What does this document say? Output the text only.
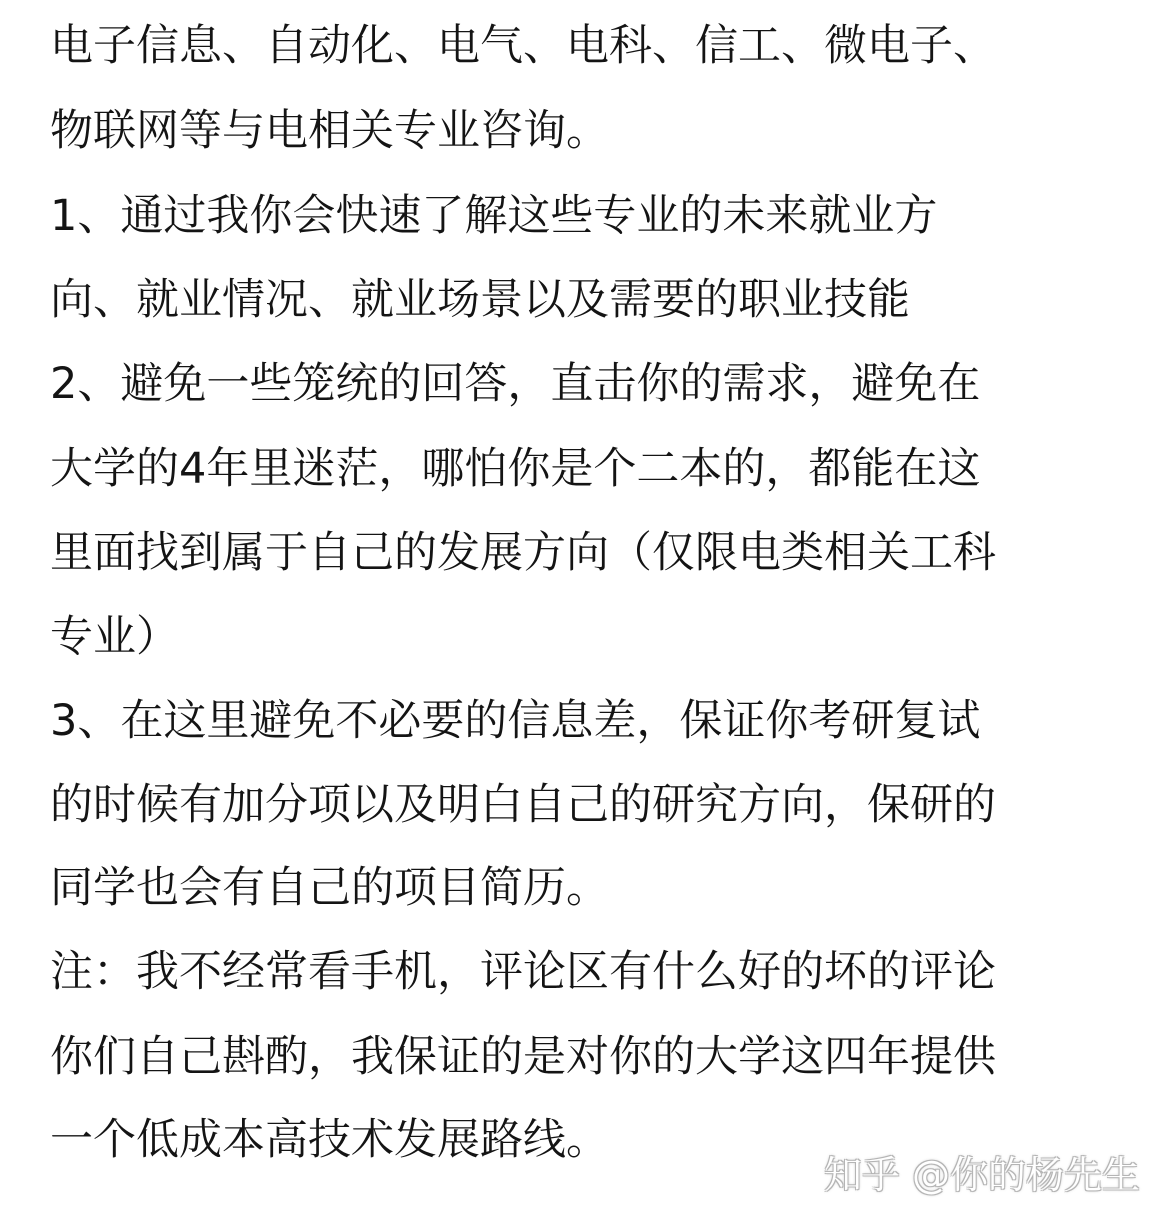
电子信息、自动化、电气、电科、信工、微电子、
物联网等与电相关专业咨询。
1、通过我你会快速了解这些专业的未来就业方
向、就业情况、就业场景以及需要的职业技能
2、避免一些笼统的回答，直击你的需求，避免在
大学的4年里迷茫，哪怕你是个二本的，都能在这
里面找到属于自己的发展方向（仅限电类相关工科
专业）
3、在这里避免不必要的信息差，保证你考研复试
的时候有加分项以及明白自己的研究方向，保研的
同学也会有自己的项目简历。
注：我不经常看手机，评论区有什么好的坏的评论
你们自己斟酌，我保证的是对你的大学这四年提供
一个低成本高技术发展路线。
知乎 @你的杨先生
